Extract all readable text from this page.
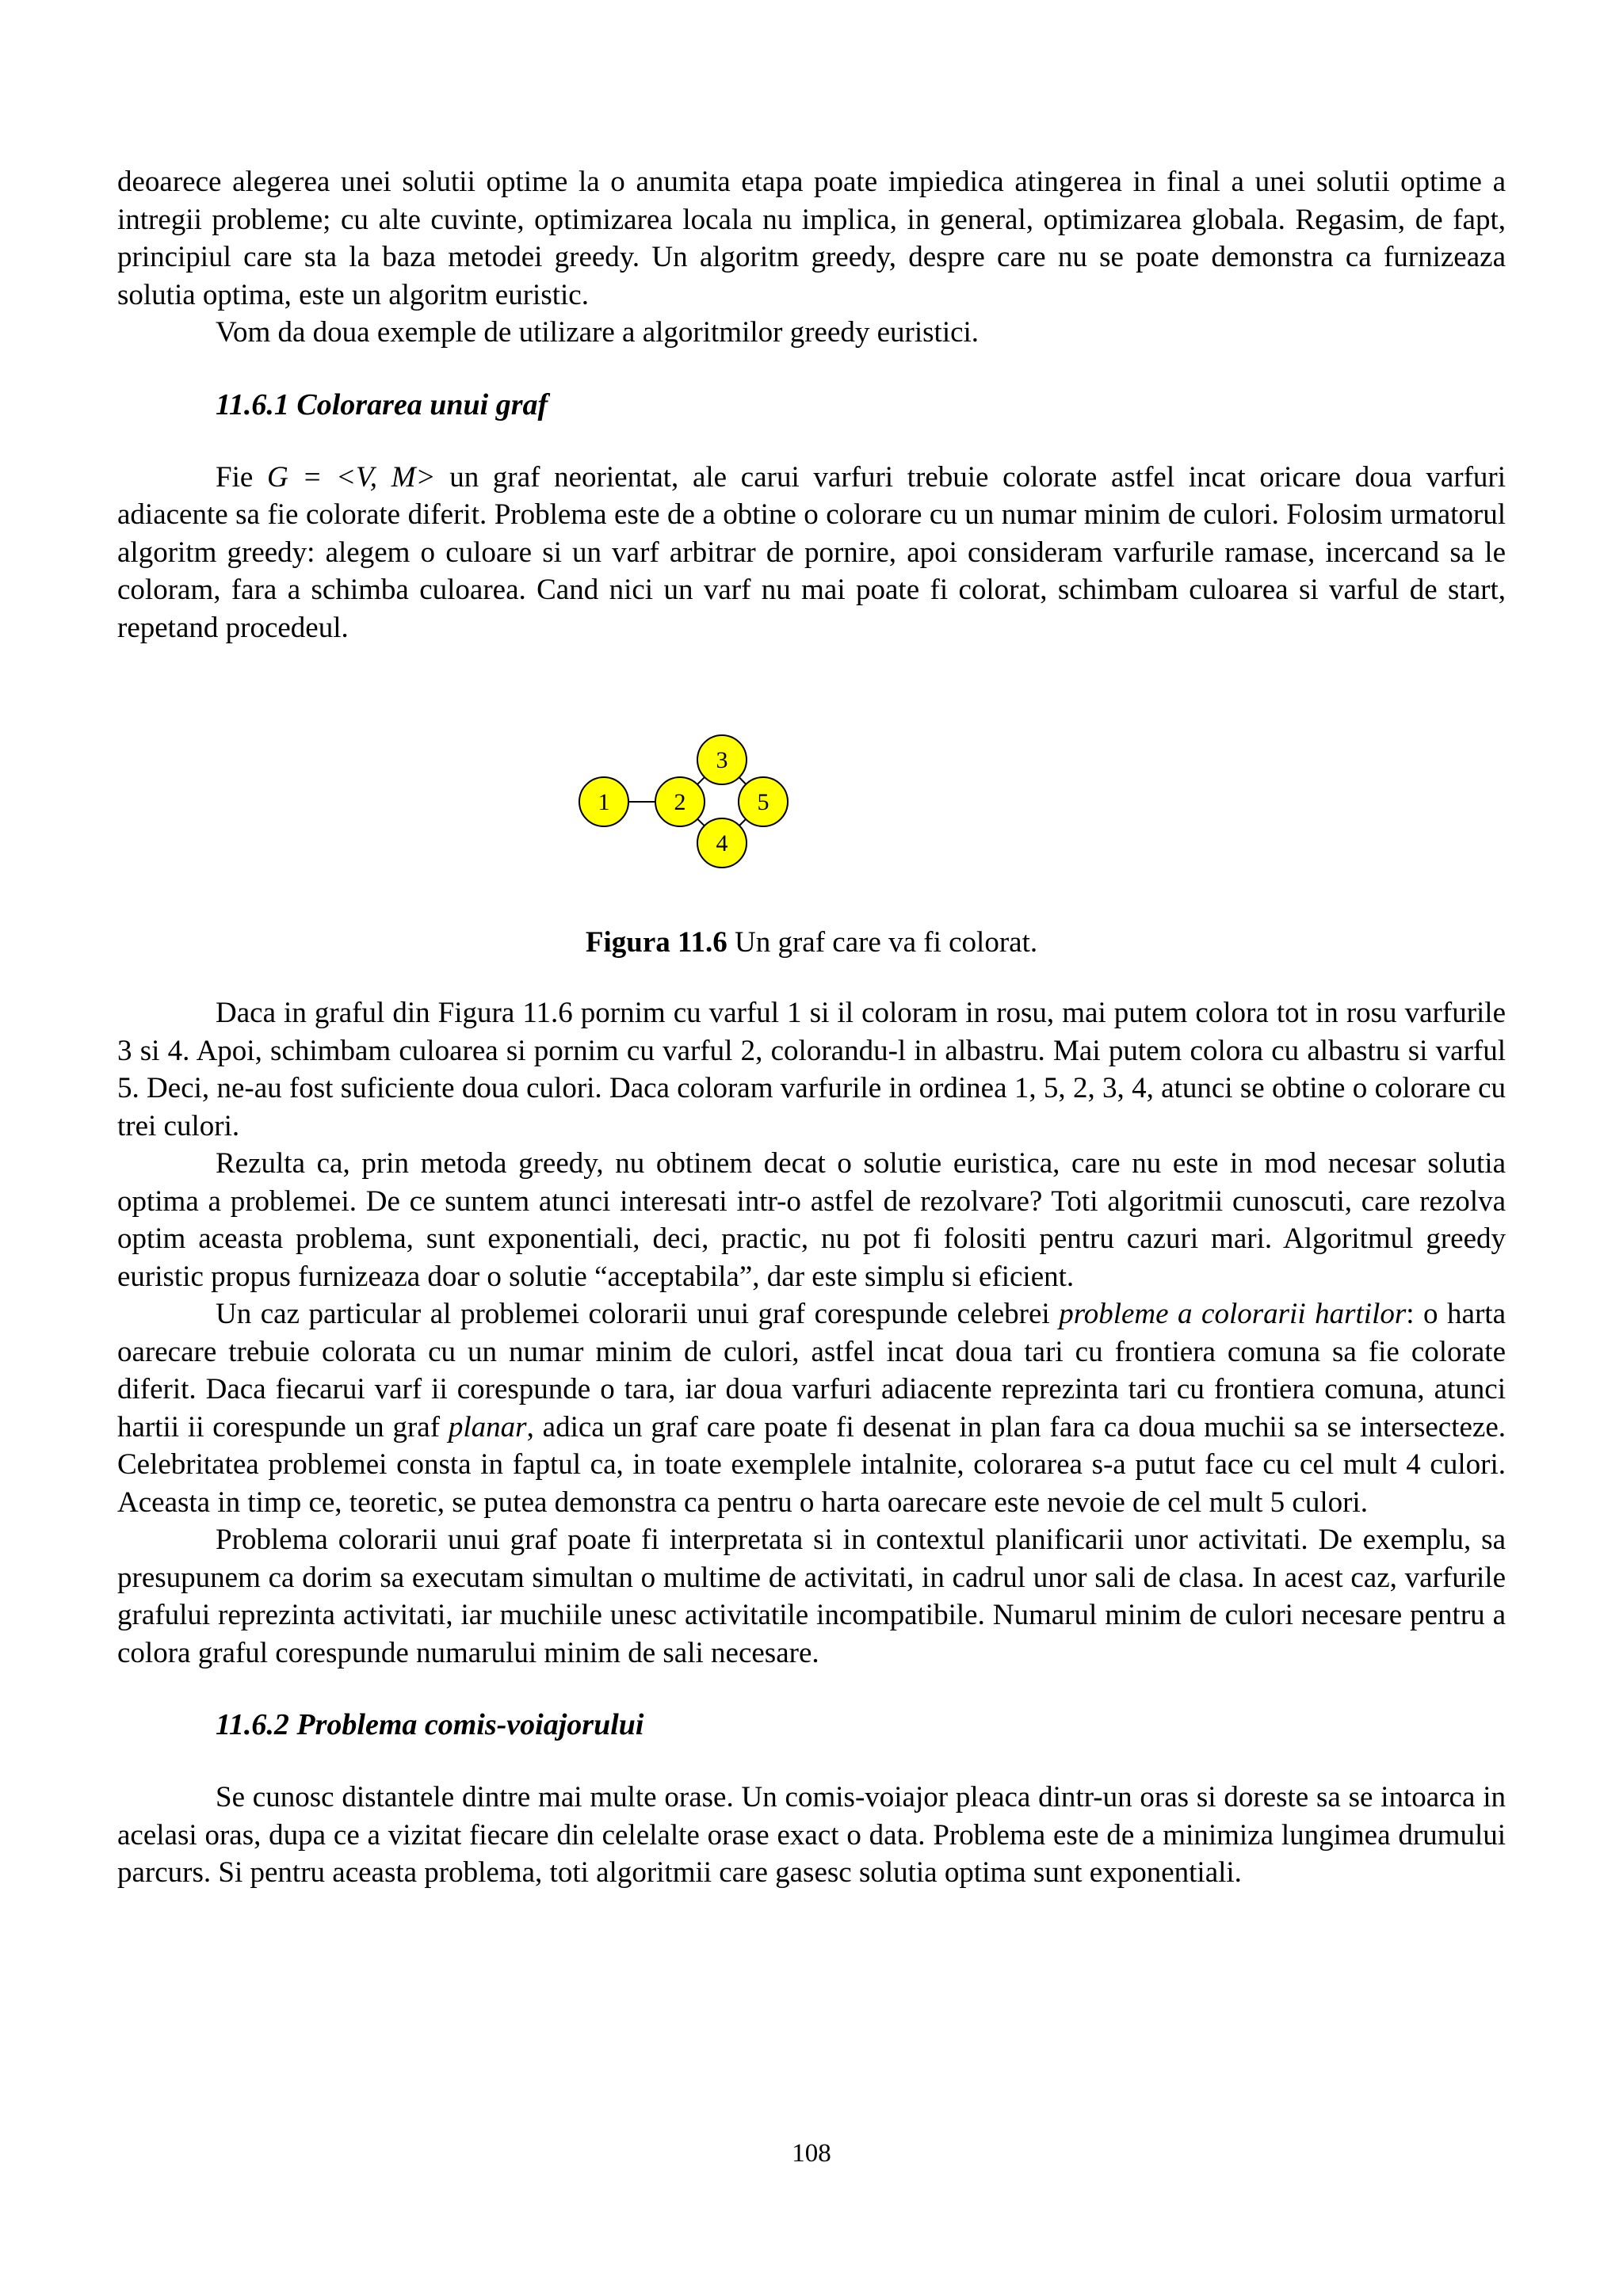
deoarece alegerea unei solutii optime la o anumita etapa poate impiedica atingerea in final a unei solutii optime a intregii probleme; cu alte cuvinte, optimizarea locala nu implica, in general, optimizarea globala. Regasim, de fapt, principiul care sta la baza metodei greedy. Un algoritm greedy, despre care nu se poate demonstra ca furnizeaza solutia optima, este un algoritm euristic.

Vom da doua exemple de utilizare a algoritmilor greedy euristici.

11.6.1 Colorarea unui graf

Fie G = <V, M> un graf neorientat, ale carui varfuri trebuie colorate astfel incat oricare doua varfuri adiacente sa fie colorate diferit. Problema este de a obtine o colorare cu un numar minim de culori. Folosim urmatorul algoritm greedy: alegem o culoare si un varf arbitrar de pornire, apoi consideram varfurile ramase, incercand sa le coloram, fara a schimba culoarea. Cand nici un varf nu mai poate fi colorat, schimbam culoarea si varful de start, repetand procedeul.

1	2
3
4
5
Figura 11.6 Un graf care va fi colorat.

Daca in graful din Figura 11.6 pornim cu varful 1 si il coloram in rosu, mai putem colora tot in rosu varfurile 3 si 4. Apoi, schimbam culoarea si pornim cu varful 2, colorandu-l in albastru. Mai putem colora cu albastru si varful 5. Deci, ne-au fost suficiente doua culori. Daca coloram varfurile in ordinea 1, 5, 2, 3, 4, atunci se obtine o colorare cu trei culori.

Rezulta ca, prin metoda greedy, nu obtinem decat o solutie euristica, care nu este in mod necesar solutia optima a problemei. De ce suntem atunci interesati intr-o astfel de rezolvare? Toti algoritmii cunoscuti, care rezolva optim aceasta problema, sunt exponentiali, deci, practic, nu pot fi folositi pentru cazuri mari. Algoritmul greedy euristic propus furnizeaza doar o solutie “acceptabila”, dar este simplu si eficient.

Un caz particular al problemei colorarii unui graf corespunde celebrei probleme a colorarii hartilor: o harta oarecare trebuie colorata cu un numar minim de culori, astfel incat doua tari cu frontiera comuna sa fie colorate diferit. Daca fiecarui varf ii corespunde o tara, iar doua varfuri adiacente reprezinta tari cu frontiera comuna, atunci hartii ii corespunde un graf planar, adica un graf care poate fi desenat in plan fara ca doua muchii sa se intersecteze. Celebritatea problemei consta in faptul ca, in toate exemplele intalnite, colorarea s-a putut face cu cel mult 4 culori. Aceasta in timp ce, teoretic, se putea demonstra ca pentru o harta oarecare este nevoie de cel mult 5 culori.

Problema colorarii unui graf poate fi interpretata si in contextul planificarii unor activitati. De exemplu, sa presupunem ca dorim sa executam simultan o multime de activitati, in cadrul unor sali de clasa. In acest caz, varfurile grafului reprezinta activitati, iar muchiile unesc activitatile incompatibile. Numarul minim de culori necesare pentru a colora graful corespunde numarului minim de sali necesare.

11.6.2 Problema comis-voiajorului

Se cunosc distantele dintre mai multe orase. Un comis-voiajor pleaca dintr-un oras si doreste sa se intoarca in acelasi oras, dupa ce a vizitat fiecare din celelalte orase exact o data. Problema este de a minimiza lungimea drumului parcurs. Si pentru aceasta problema, toti algoritmii care gasesc solutia optima sunt exponentiali.

108
